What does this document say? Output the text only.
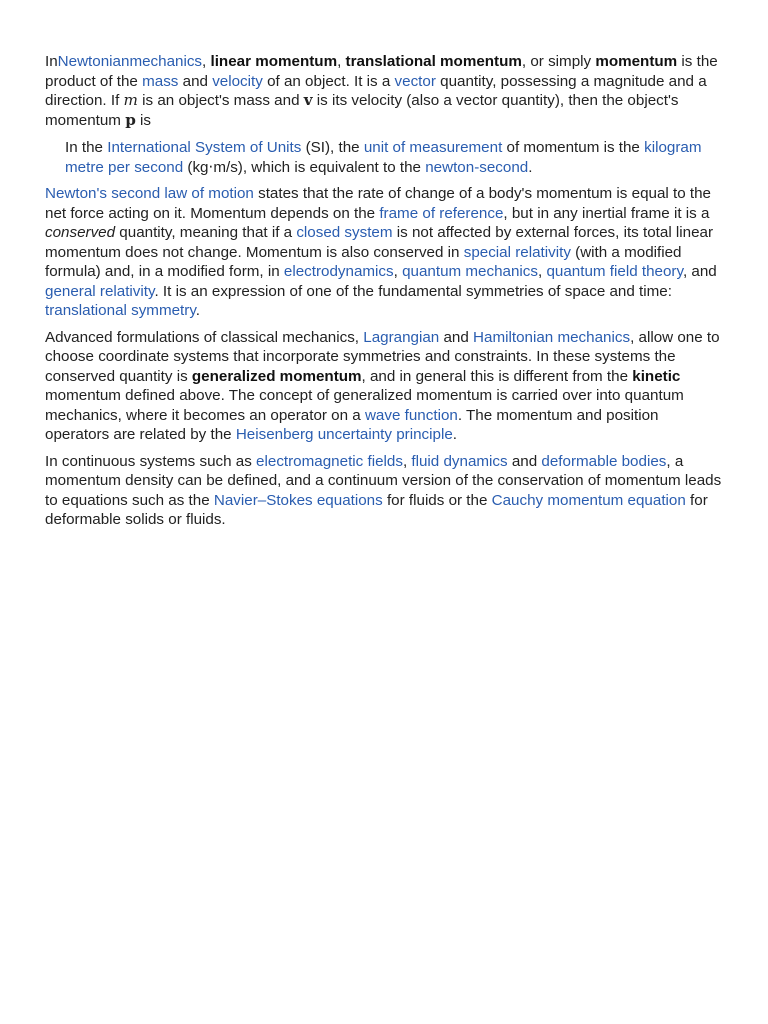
InNewtonianmechanics, linear momentum, translational momentum, or simply momentum is the product of the mass and velocity of an object. It is a vector quantity, possessing a magnitude and a direction. If m is an object's mass and v is its velocity (also a vector quantity), then the object's momentum p is

In the International System of Units (SI), the unit of measurement of momentum is the kilogram metre per second (kg⋅m/s), which is equivalent to the newton-second.

Newton's second law of motion states that the rate of change of a body's momentum is equal to the net force acting on it. Momentum depends on the frame of reference, but in any inertial frame it is a conserved quantity, meaning that if a closed system is not affected by external forces, its total linear momentum does not change. Momentum is also conserved in special relativity (with a modified formula) and, in a modified form, in electrodynamics, quantum mechanics, quantum field theory, and general relativity. It is an expression of one of the fundamental symmetries of space and time: translational symmetry.

Advanced formulations of classical mechanics, Lagrangian and Hamiltonian mechanics, allow one to choose coordinate systems that incorporate symmetries and constraints. In these systems the conserved quantity is generalized momentum, and in general this is different from the kinetic momentum defined above. The concept of generalized momentum is carried over into quantum mechanics, where it becomes an operator on a wave function. The momentum and position operators are related by the Heisenberg uncertainty principle.

In continuous systems such as electromagnetic fields, fluid dynamics and deformable bodies, a momentum density can be defined, and a continuum version of the conservation of momentum leads to equations such as the Navier–Stokes equations for fluids or the Cauchy momentum equation for deformable solids or fluids.
